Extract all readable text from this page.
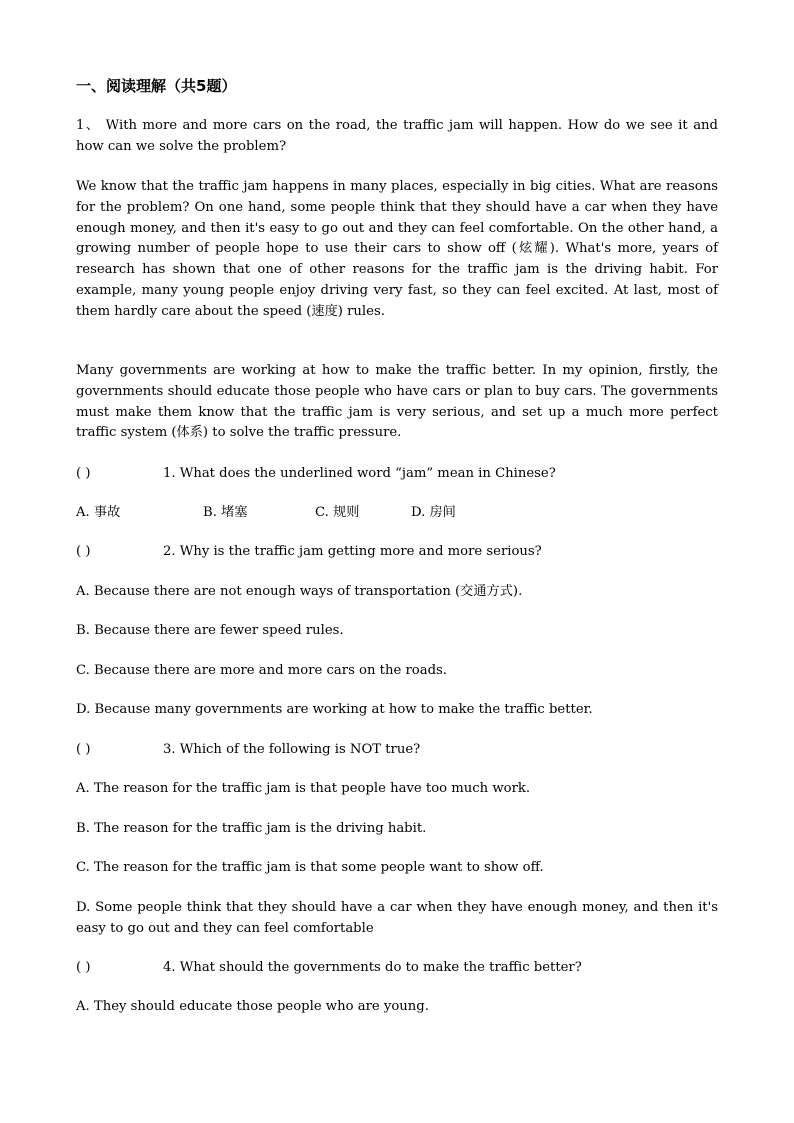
一、阅读理解（共5题）
1、 With more and more cars on the road, the traffic jam will happen. How do we see it and how can we solve the problem?
We know that the traffic jam happens in many places, especially in big cities. What are reasons for the problem? On one hand, some people think that they should have a car when they have enough money, and then it's easy to go out and they can feel comfortable. On the other hand, a growing number of people hope to use their cars to show off (炫耀). What's more, years of research has shown that one of other reasons for the traffic jam is the driving habit. For example, many young people enjoy driving very fast, so they can feel excited. At last, most of them hardly care about the speed (速度) rules.
Many governments are working at how to make the traffic better. In my opinion, firstly, the governments should educate those people who have cars or plan to buy cars. The governments must make them know that the traffic jam is very serious, and set up a much more perfect traffic system (体系) to solve the traffic pressure.
( )	1. What does the underlined word “jam” mean in Chinese?
A. 事故	B. 堵塞	C. 规则	D. 房间
( )	2. Why is the traffic jam getting more and more serious?
A. Because there are not enough ways of transportation (交通方式).
B. Because there are fewer speed rules.
C. Because there are more and more cars on the roads.
D. Because many governments are working at how to make the traffic better.
( )	3. Which of the following is NOT true?
A. The reason for the traffic jam is that people have too much work.
B. The reason for the traffic jam is the driving habit.
C. The reason for the traffic jam is that some people want to show off.
D. Some people think that they should have a car when they have enough money, and then it's easy to go out and they can feel comfortable
( )	4. What should the governments do to make the traffic better?
A. They should educate those people who are young.
